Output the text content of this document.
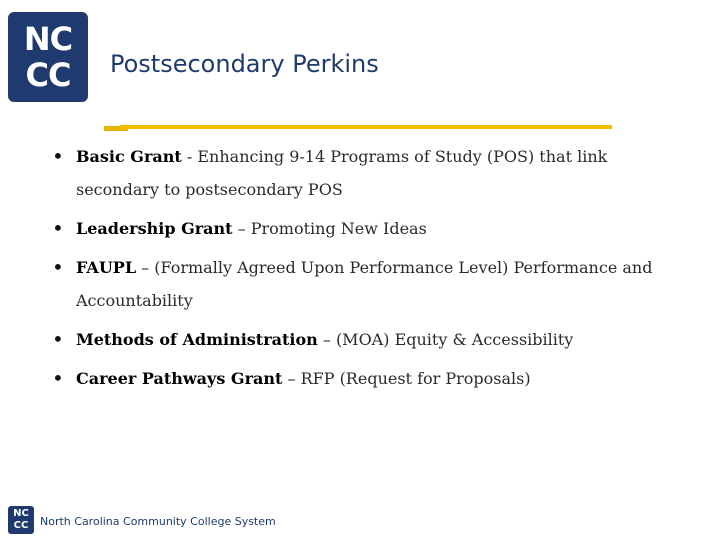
NC
CC Postsecondary Perkins
• Basic Grant - Enhancing 9-14 Programs of Study (POS) that link secondary to postsecondary POS
• Leadership Grant – Promoting New Ideas
• FAUPL – (Formally Agreed Upon Performance Level) Performance and Accountability
• Methods of Administration – (MOA) Equity & Accessibility
• Career Pathways Grant – RFP (Request for Proposals)
NC
CC North Carolina Community College System
